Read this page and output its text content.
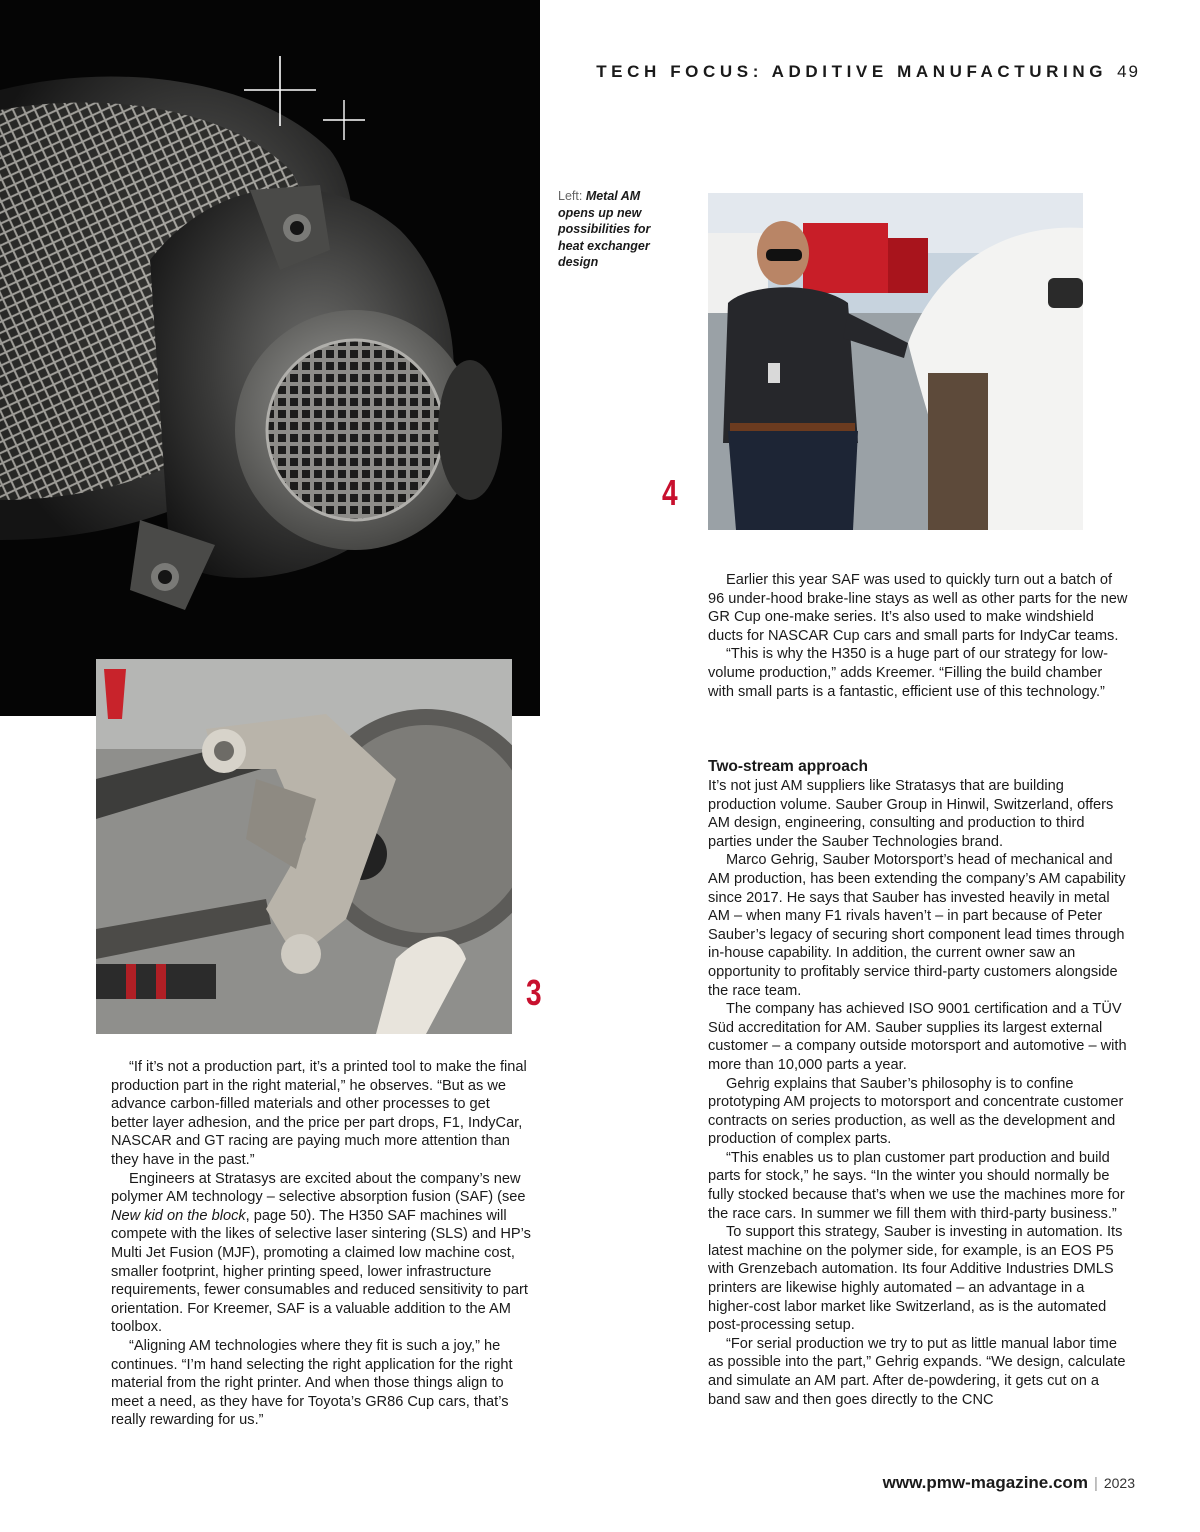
TECH FOCUS: ADDITIVE MANUFACTURING 49
Left: Metal AM opens up new possibilities for heat exchanger design
4
3

“If it’s not a production part, it’s a printed tool to make the final production part in the right material,” he observes. “But as we advance carbon-filled materials and other processes to get better layer adhesion, and the price per part drops, F1, IndyCar, NASCAR and GT racing are paying much more attention than they have in the past.”

Engineers at Stratasys are excited about the company’s new polymer AM technology – selective absorption fusion (SAF) (see New kid on the block, page 50). The H350 SAF machines will compete with the likes of selective laser sintering (SLS) and HP’s Multi Jet Fusion (MJF), promoting a claimed low machine cost, smaller footprint, higher printing speed, lower infrastructure requirements, fewer consumables and reduced sensitivity to part orientation. For Kreemer, SAF is a valuable addition to the AM toolbox.

“Aligning AM technologies where they fit is such a joy,” he continues. “I’m hand selecting the right application for the right material from the right printer. And when those things align to meet a need, as they have for Toyota’s GR86 Cup cars, that’s really rewarding for us.”

Earlier this year SAF was used to quickly turn out a batch of 96 under-hood brake-line stays as well as other parts for the new GR Cup one-make series. It’s also used to make windshield ducts for NASCAR Cup cars and small parts for IndyCar teams.

“This is why the H350 is a huge part of our strategy for low-volume production,” adds Kreemer. “Filling the build chamber with small parts is a fantastic, efficient use of this technology.”

Two-stream approach

It’s not just AM suppliers like Stratasys that are building production volume. Sauber Group in Hinwil, Switzerland, offers AM design, engineering, consulting and production to third parties under the Sauber Technologies brand.

Marco Gehrig, Sauber Motorsport’s head of mechanical and AM production, has been extending the company’s AM capability since 2017. He says that Sauber has invested heavily in metal AM – when many F1 rivals haven’t – in part because of Peter Sauber’s legacy of securing short component lead times through in-house capability. In addition, the current owner saw an opportunity to profitably service third-party customers alongside the race team.

The company has achieved ISO 9001 certification and a TÜV Süd accreditation for AM. Sauber supplies its largest external customer – a company outside motorsport and automotive – with more than 10,000 parts a year.

Gehrig explains that Sauber’s philosophy is to confine prototyping AM projects to motorsport and concentrate customer contracts on series production, as well as the development and production of complex parts.

“This enables us to plan customer part production and build parts for stock,” he says. “In the winter you should normally be fully stocked because that’s when we use the machines more for the race cars. In summer we fill them with third-party business.”

To support this strategy, Sauber is investing in automation. Its latest machine on the polymer side, for example, is an EOS P5 with Grenzebach automation. Its four Additive Industries DMLS printers are likewise highly automated – an advantage in a higher-cost labor market like Switzerland, as is the automated post-processing setup.

“For serial production we try to put as little manual labor time as possible into the part,” Gehrig expands. “We design, calculate and simulate an AM part. After de-powdering, it gets cut on a band saw and then goes directly to the CNC

www.pmw-magazine.com | 2023
